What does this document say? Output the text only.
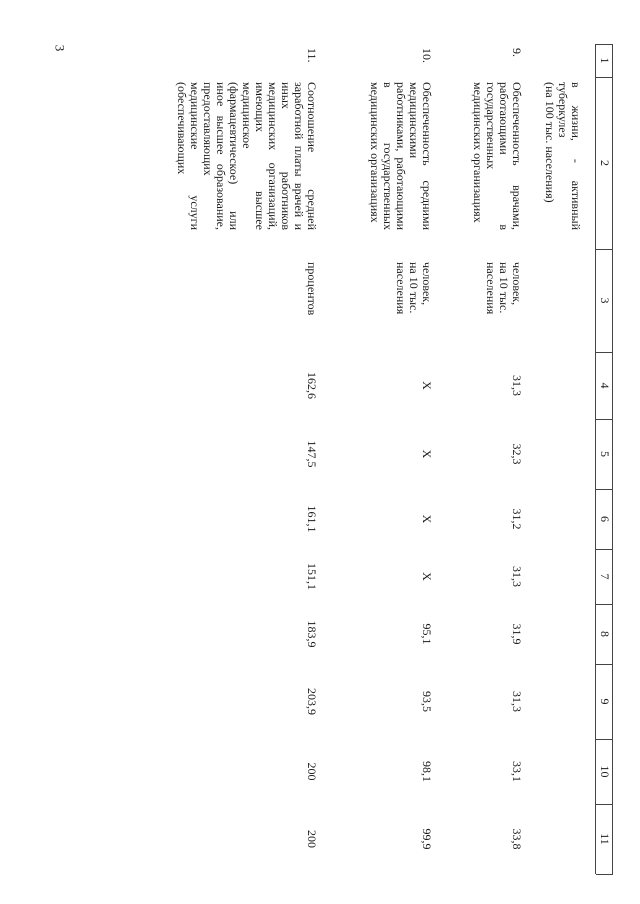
3
1
2
3
4
5
6
7
8
9
10
11
в жизни, - активный туберкулез
(на 100 тыс. населения)
9.
Обеспеченность врачами, работающими в государственных медицинских организациях
человек,
на 10 тыс.
населения
31,3
32,3
31,2
31,3
31,9
31,3
33,1
33,8
10.
Обеспеченность средними медицинскими работниками, работающими в государственных медицинских организациях
человек,
на 10 тыс.
населения
Х
Х
Х
Х
95,1
93,5
98,1
99,9
11.
Соотношение средней заработной платы врачей и иных работников медицинских организаций, имеющих высшее медицинское (фармацевтическое) или иное высшее образование, предоставляющих медицинские услуги (обеспечивающих
процентов
162,6
147,5
161,1
151,1
183,9
203,9
200
200
